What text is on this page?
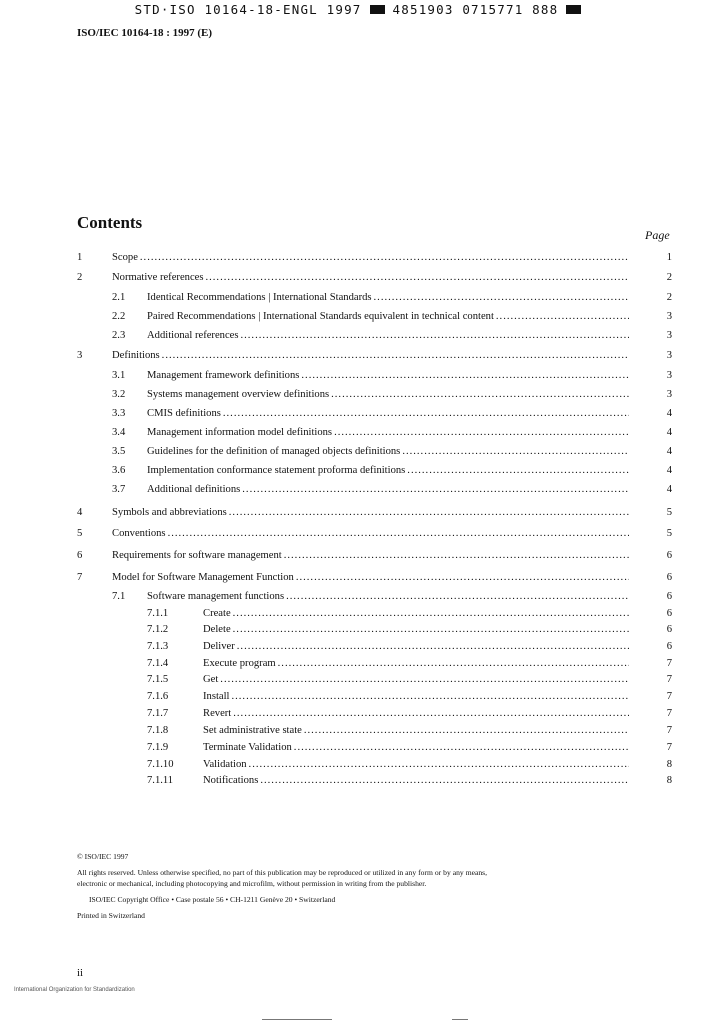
STD·ISO 10164-18-ENGL 1997 4851903 0715771 888
ISO/IEC 10164-18 : 1997 (E)
Contents
Page
1	Scope .....	1
2	Normative references .....	2
2.1 Identical Recommendations | International Standards .....	2
2.2 Paired Recommendations | International Standards equivalent in technical content .....	3
2.3 Additional references .....	3
3	Definitions .....	3
3.1 Management framework definitions .....	3
3.2 Systems management overview definitions .....	3
3.3 CMIS definitions .....	4
3.4 Management information model definitions .....	4
3.5 Guidelines for the definition of managed objects definitions .....	4
3.6 Implementation conformance statement proforma definitions .....	4
3.7 Additional definitions .....	4
4	Symbols and abbreviations .....	5
5	Conventions .....	5
6	Requirements for software management .....	6
7	Model for Software Management Function .....	6
7.1 Software management functions .....	6
7.1.1	Create .....	6
7.1.2	Delete .....	6
7.1.3	Deliver .....	6
7.1.4	Execute program .....	7
7.1.5	Get .....	7
7.1.6	Install .....	7
7.1.7	Revert .....	7
7.1.8	Set administrative state .....	7
7.1.9	Terminate Validation .....	7
7.1.10	Validation .....	8
7.1.11	Notifications .....	8

© ISO/IEC 1997

All rights reserved. Unless otherwise specified, no part of this publication may be reproduced or utilized in any form or by any means, electronic or mechanical, including photocopying and microfilm, without permission in writing from the publisher.

ISO/IEC Copyright Office • Case postale 56 • CH-1211 Genève 20 • Switzerland

Printed in Switzerland

ii
International Organization for Standardization
